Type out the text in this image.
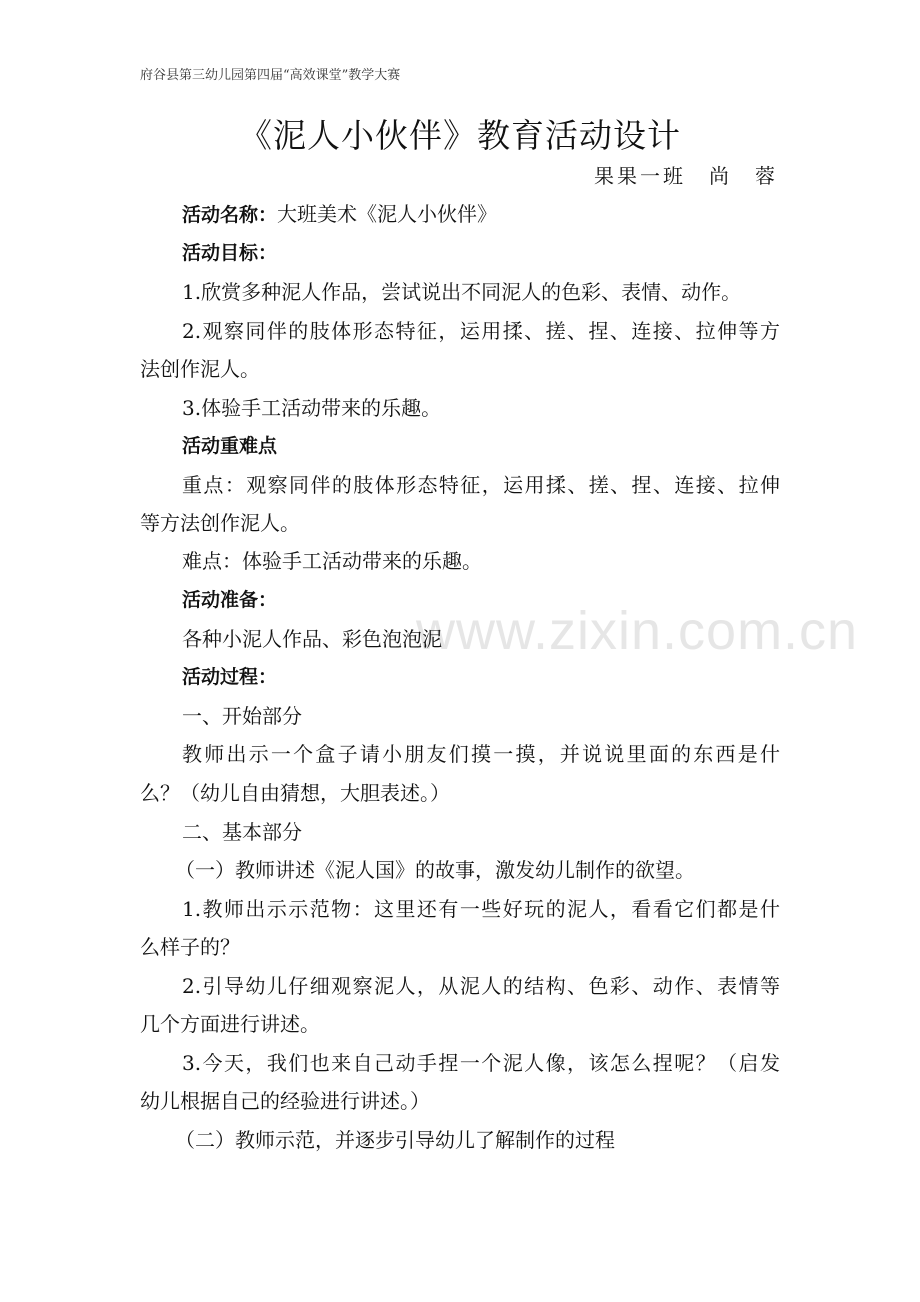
www.zixin.com.cn
府谷县第三幼儿园第四届“高效课堂”教学大赛
《泥人小伙伴》教育活动设计
果果一班　尚　蓉
活动名称：大班美术《泥人小伙伴》
活动目标：
1.欣赏多种泥人作品，尝试说出不同泥人的色彩、表情、动作。
2.观察同伴的肢体形态特征，运用揉、搓、捏、连接、拉伸等方
法创作泥人。
3.体验手工活动带来的乐趣。
活动重难点
重点：观察同伴的肢体形态特征，运用揉、搓、捏、连接、拉伸
等方法创作泥人。
难点：体验手工活动带来的乐趣。
活动准备：
各种小泥人作品、彩色泡泡泥
活动过程：
一、开始部分
教师出示一个盒子请小朋友们摸一摸，并说说里面的东西是什
么？（幼儿自由猜想，大胆表述。）
二、基本部分
（一）教师讲述《泥人国》的故事，激发幼儿制作的欲望。
1.教师出示示范物：这里还有一些好玩的泥人，看看它们都是什
么样子的？
2.引导幼儿仔细观察泥人，从泥人的结构、色彩、动作、表情等
几个方面进行讲述。
3.今天，我们也来自己动手捏一个泥人像，该怎么捏呢？（启发
幼儿根据自己的经验进行讲述。）
（二）教师示范，并逐步引导幼儿了解制作的过程
